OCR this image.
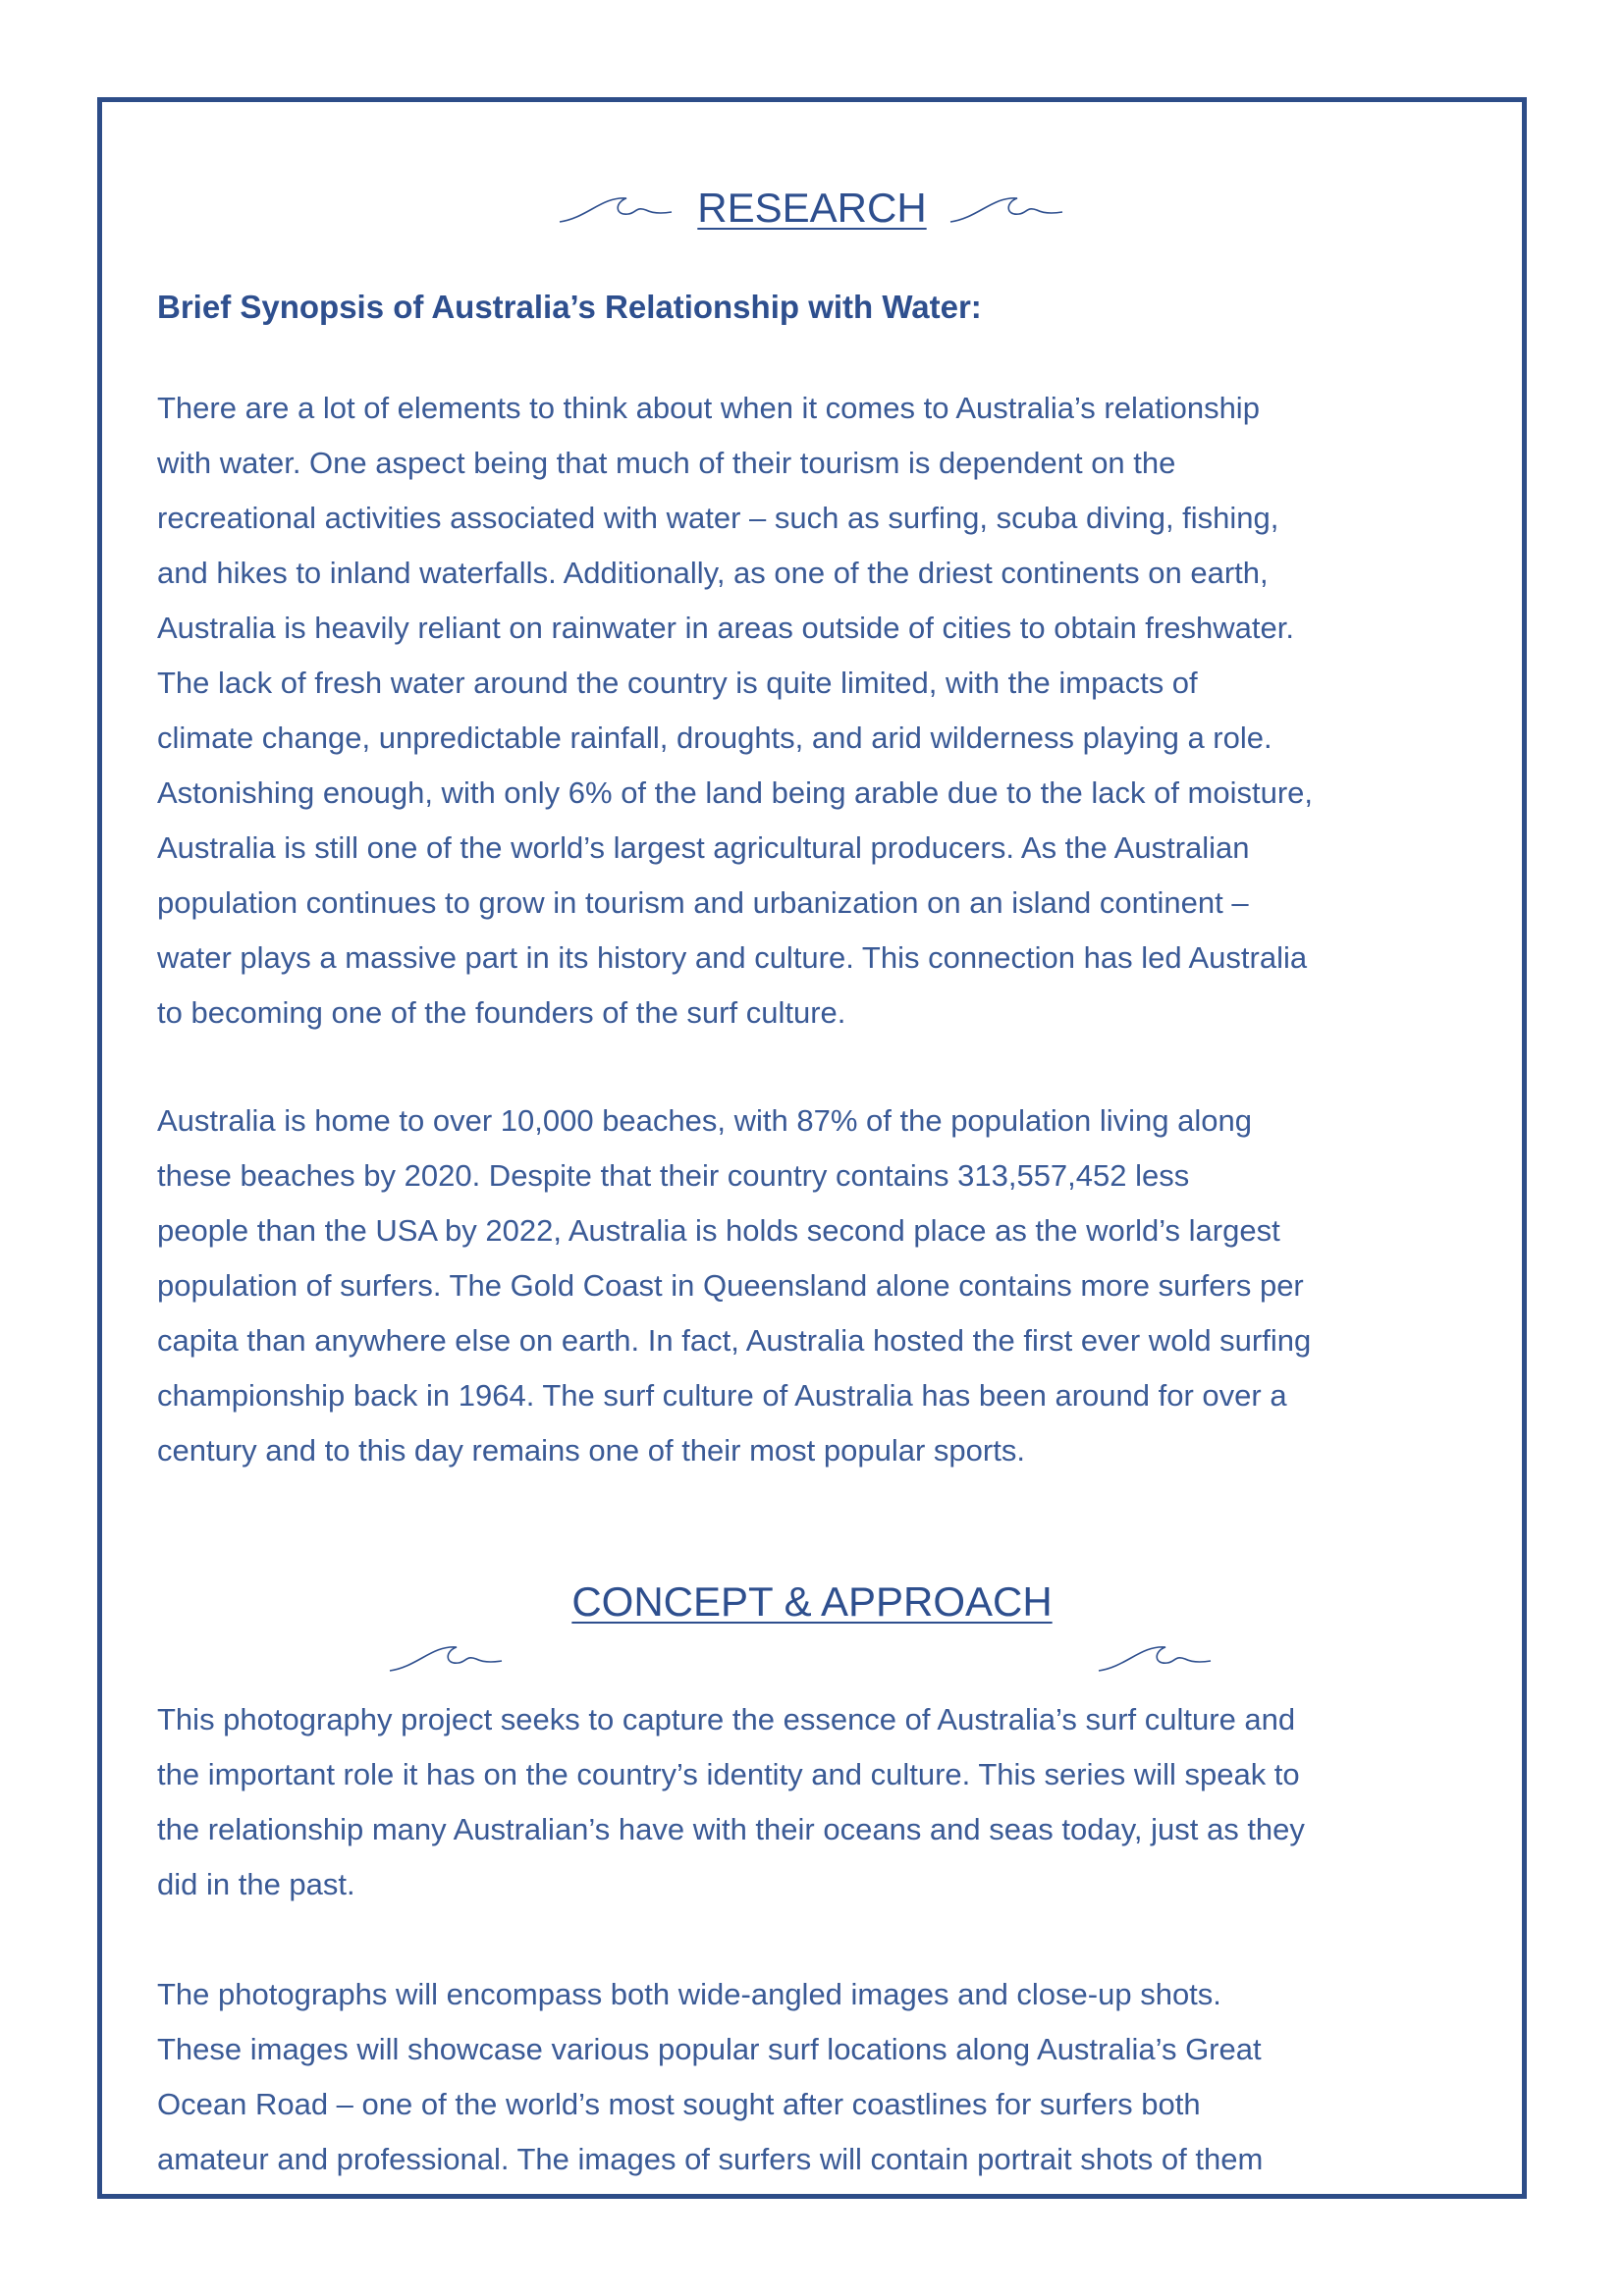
RESEARCH
Brief Synopsis of Australia’s Relationship with Water:

There are a lot of elements to think about when it comes to Australia’s relationship
with water. One aspect being that much of their tourism is dependent on the
recreational activities associated with water – such as surfing, scuba diving, fishing,
and hikes to inland waterfalls. Additionally, as one of the driest continents on earth,
Australia is heavily reliant on rainwater in areas outside of cities to obtain freshwater.
The lack of fresh water around the country is quite limited, with the impacts of
climate change, unpredictable rainfall, droughts, and arid wilderness playing a role.
Astonishing enough, with only 6% of the land being arable due to the lack of moisture,
Australia is still one of the world’s largest agricultural producers. As the Australian
population continues to grow in tourism and urbanization on an island continent –
water plays a massive part in its history and culture. This connection has led Australia
to becoming one of the founders of the surf culture.

Australia is home to over 10,000 beaches, with 87% of the population living along
these beaches by 2020. Despite that their country contains 313,557,452 less
people than the USA by 2022, Australia is holds second place as the world’s largest
population of surfers. The Gold Coast in Queensland alone contains more surfers per
capita than anywhere else on earth. In fact, Australia hosted the first ever wold surfing
championship back in 1964. The surf culture of Australia has been around for over a
century and to this day remains one of their most popular sports.

CONCEPT & APPROACH

This photography project seeks to capture the essence of Australia’s surf culture and
the important role it has on the country’s identity and culture. This series will speak to
the relationship many Australian’s have with their oceans and seas today, just as they
did in the past.

The photographs will encompass both wide-angled images and close-up shots.
These images will showcase various popular surf locations along Australia’s Great
Ocean Road – one of the world’s most sought after coastlines for surfers both
amateur and professional. The images of surfers will contain portrait shots of them
